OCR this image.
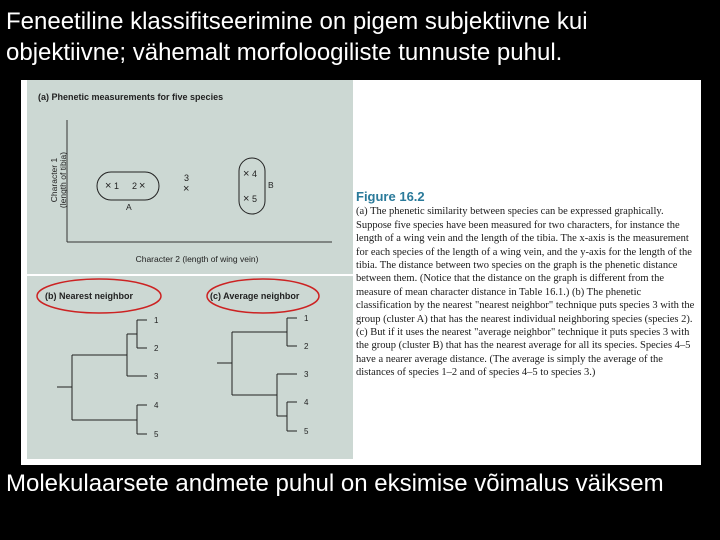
Feneetiline klassifitseerimine on pigem subjektiivne kui objektiivne; vähemalt morfoloogiliste tunnuste puhul.
(a) Phenetic measurements for five species
Character 1 (length of tibia)
Character 2 (length of wing vein)
× 1 2 ×
A
3
×
× 4
× 5
B
(b) Nearest neighbor	(c) Average neighbor
1
2
3
4
5
1
2
3
4
5
Figure 16.2
(a) The phenetic similarity between species can be expressed graphically. Suppose five species have been measured for two characters, for instance the length of a wing vein and the length of the tibia. The x-axis is the measurement for each species of the length of a wing vein, and the y-axis for the length of the tibia. The distance between two species on the graph is the phenetic distance between them. (Notice that the distance on the graph is different from the measure of mean character distance in Table 16.1.) (b) The phenetic classification by the nearest "nearest neighbor" technique puts species 3 with the group (cluster A) that has the nearest individual neighboring species (species 2). (c) But if it uses the nearest "average neighbor" technique it puts species 3 with the group (cluster B) that has the nearest average for all its species. Species 4–5 have a nearer average distance. (The average is simply the average of the distances of species 1–2 and of species 4–5 to species 3.)
Molekulaarsete andmete puhul on eksimise võimalus väiksem
